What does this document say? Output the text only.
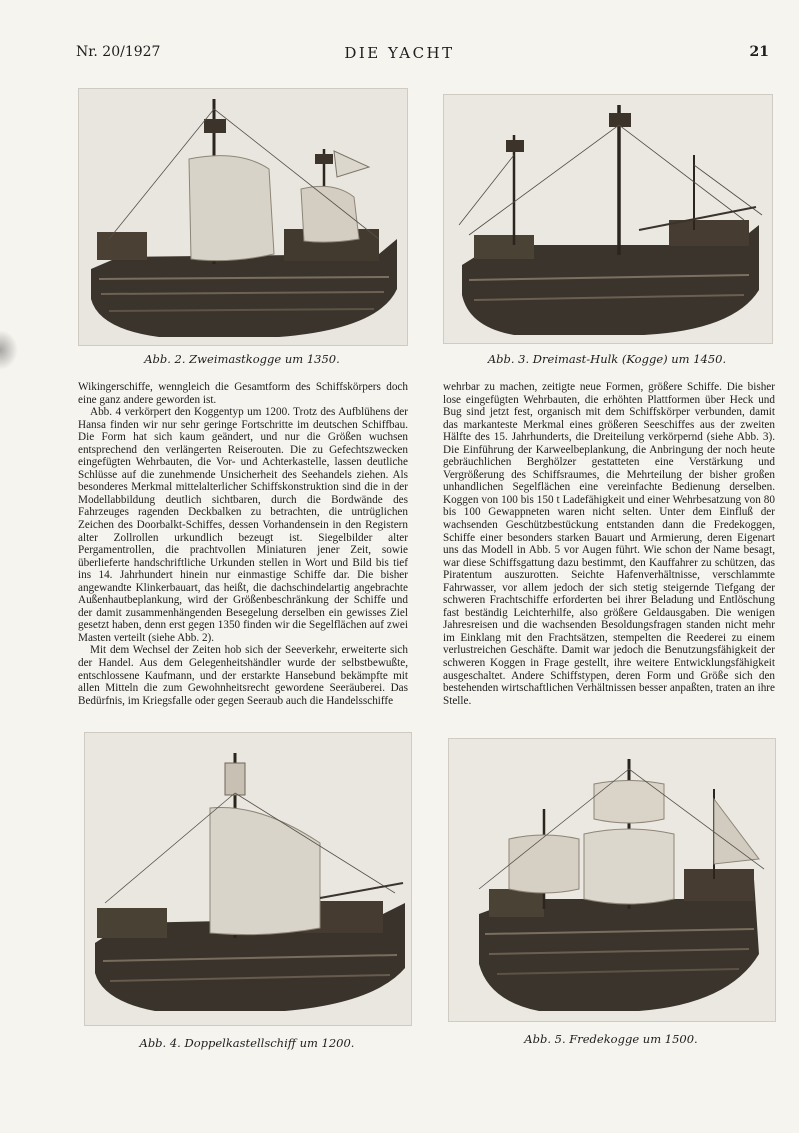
Nr. 20/1927	DIE YACHT	21
Abb. 2. Zweimastkogge um 1350.	Abb. 3. Dreimast-Hulk (Kogge) um 1450.

Wikingerschiffe, wenngleich die Gesamtform des Schiffskörpers doch eine ganz andere geworden ist.

Abb. 4 verkörpert den Koggentyp um 1200. Trotz des Aufblühens der Hansa finden wir nur sehr geringe Fortschritte im deutschen Schiffbau. Die Form hat sich kaum geändert, und nur die Größen wuchsen entsprechend den verlängerten Reiserouten. Die zu Gefechtszwecken eingefügten Wehrbauten, die Vor- und Achterkastelle, lassen deutliche Schlüsse auf die zunehmende Unsicherheit des Seehandels ziehen. Als besonderes Merkmal mittelalterlicher Schiffskonstruktion sind die in der Modellabbildung deutlich sichtbaren, durch die Bordwände des Fahrzeuges ragenden Deckbalken zu betrachten, die untrüglichen Zeichen des Doorbalkt-Schiffes, dessen Vorhandensein in den Registern alter Zollrollen urkundlich bezeugt ist. Siegelbilder alter Pergamentrollen, die prachtvollen Miniaturen jener Zeit, sowie überlieferte handschriftliche Urkunden stellen in Wort und Bild bis tief ins 14. Jahrhundert hinein nur einmastige Schiffe dar. Die bisher angewandte Klinkerbauart, das heißt, die dachschindelartig angebrachte Außenhautbeplankung, wird der Größenbeschränkung der Schiffe und der damit zusammenhängenden Besegelung derselben ein gewisses Ziel gesetzt haben, denn erst gegen 1350 finden wir die Segelflächen auf zwei Masten verteilt (siehe Abb. 2).

Mit dem Wechsel der Zeiten hob sich der Seeverkehr, erweiterte sich der Handel. Aus dem Gelegenheitshändler wurde der selbstbewußte, entschlossene Kaufmann, und der erstarkte Hansebund bekämpfte mit allen Mitteln die zum Gewohnheitsrecht gewordene Seeräuberei. Das Bedürfnis, im Kriegsfalle oder gegen Seeraub auch die Handelsschiffe

wehrbar zu machen, zeitigte neue Formen, größere Schiffe. Die bisher lose eingefügten Wehrbauten, die erhöhten Plattformen über Heck und Bug sind jetzt fest, organisch mit dem Schiffskörper verbunden, damit das markanteste Merkmal eines größeren Seeschiffes aus der zweiten Hälfte des 15. Jahrhunderts, die Dreiteilung verkörpernd (siehe Abb. 3). Die Einführung der Karweelbeplankung, die Anbringung der noch heute gebräuchlichen Berghölzer gestatteten eine Verstärkung und Vergrößerung des Schiffsraumes, die Mehrteilung der bisher großen unhandlichen Segelflächen eine vereinfachte Bedienung derselben. Koggen von 100 bis 150 t Ladefähigkeit und einer Wehrbesatzung von 80 bis 100 Gewappneten waren nicht selten. Unter dem Einfluß der wachsenden Geschützbestückung entstanden dann die Fredekoggen, Schiffe einer besonders starken Bauart und Armierung, deren Eigenart uns das Modell in Abb. 5 vor Augen führt. Wie schon der Name besagt, war diese Schiffsgattung dazu bestimmt, den Kauffahrer zu schützen, das Piratentum auszurotten. Seichte Hafenverhältnisse, verschlammte Fahrwasser, vor allem jedoch der sich stetig steigernde Tiefgang der schweren Frachtschiffe erforderten bei ihrer Beladung und Entlöschung fast beständig Leichterhilfe, also größere Geldausgaben. Die wenigen Jahresreisen und die wachsenden Besoldungsfragen standen nicht mehr im Einklang mit den Frachtsätzen, stempelten die Reederei zu einem verlustreichen Geschäfte. Damit war jedoch die Benutzungsfähigkeit der schweren Koggen in Frage gestellt, ihre weitere Entwicklungsfähigkeit ausgeschaltet. Andere Schiffstypen, deren Form und Größe sich den bestehenden wirtschaftlichen Verhältnissen besser anpaßten, traten an ihre Stelle.

Abb. 4. Doppelkastellschiff um 1200.	Abb. 5. Fredekogge um 1500.
